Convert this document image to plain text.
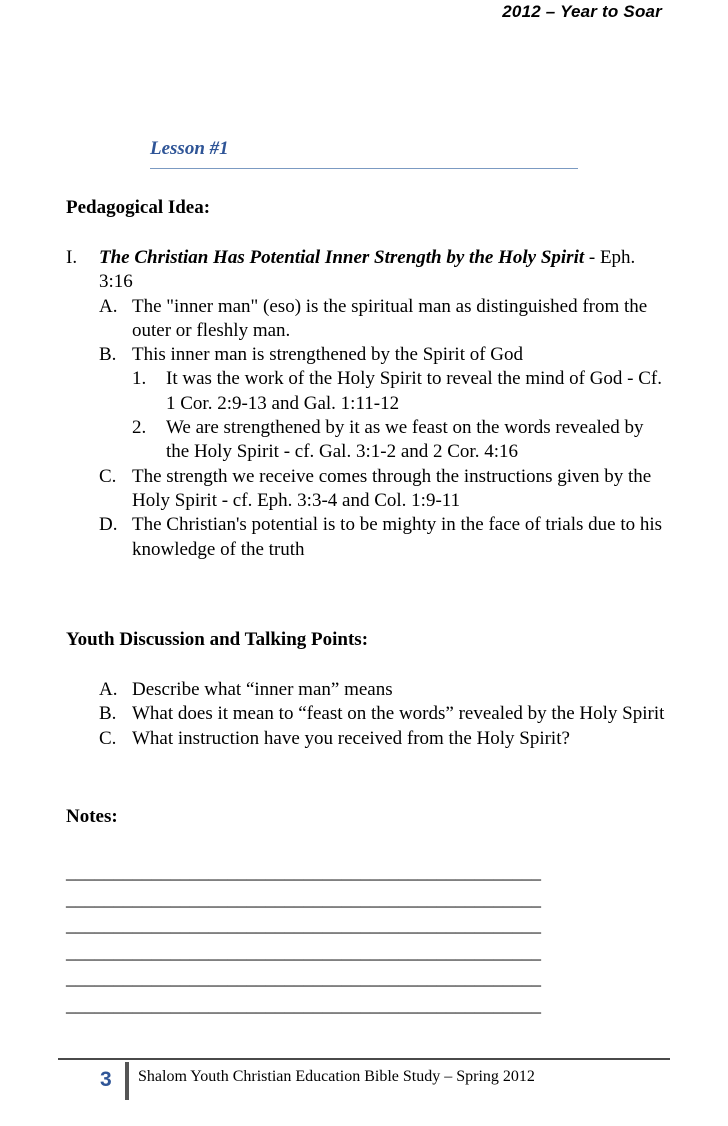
2012 – Year to Soar
Lesson #1
Pedagogical Idea:
I. The Christian Has Potential Inner Strength by the Holy Spirit - Eph. 3:16
A. The "inner man" (eso) is the spiritual man as distinguished from the outer or fleshly man.
B. This inner man is strengthened by the Spirit of God
1. It was the work of the Holy Spirit to reveal the mind of God - Cf. 1 Cor. 2:9-13 and Gal. 1:11-12
2. We are strengthened by it as we feast on the words revealed by the Holy Spirit - cf. Gal. 3:1-2 and 2 Cor. 4:16
C. The strength we receive comes through the instructions given by the Holy Spirit - cf. Eph. 3:3-4 and Col. 1:9-11
D. The Christian's potential is to be mighty in the face of trials due to his knowledge of the truth
Youth Discussion and Talking Points:
A. Describe what “inner man” means
B. What does it mean to “feast on the words” revealed by the Holy Spirit
C. What instruction have you received from the Holy Spirit?
Notes:
__________________________________________________
__________________________________________________
__________________________________________________
__________________________________________________
__________________________________________________
__________________________________________________
3 Shalom Youth Christian Education Bible Study – Spring 2012
